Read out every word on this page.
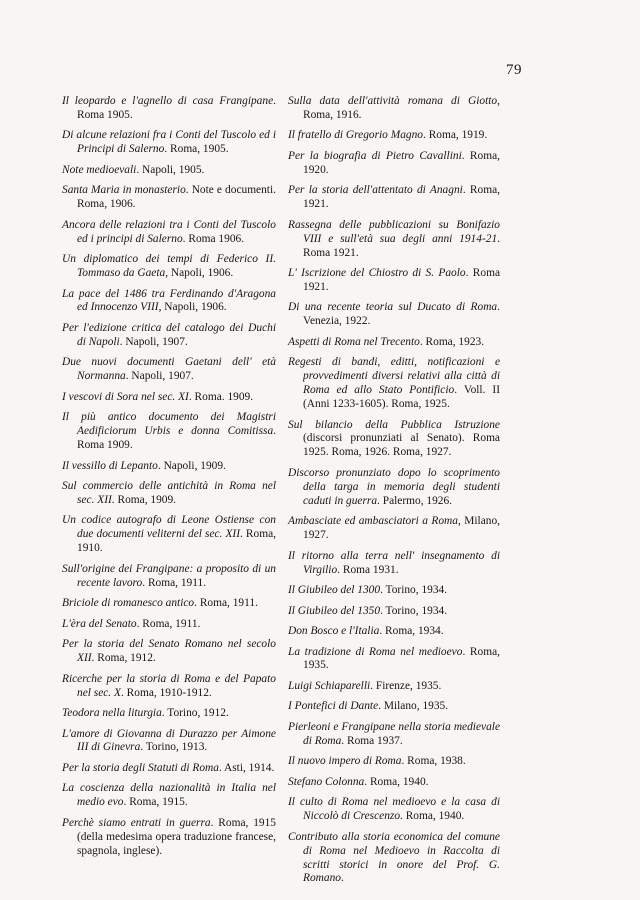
79

Il leopardo e l'agnello di casa Frangipane. Roma 1905.

Di alcune relazioni fra i Conti del Tuscolo ed i Principi di Salerno. Roma, 1905.

Note medioevali. Napoli, 1905.

Santa Maria in monasterio. Note e documenti. Roma, 1906.

Ancora delle relazioni tra i Conti del Tuscolo ed i principi di Salerno. Roma 1906.

Un diplomatico dei tempi di Federico II. Tommaso da Gaeta, Napoli, 1906.

La pace del 1486 tra Ferdinando d'Aragona ed Innocenzo VIII, Napoli, 1906.

Per l'edizione critica del catalogo dei Duchi di Napoli. Napoli, 1907.

Due nuovi documenti Gaetani dell' età Normanna. Napoli, 1907.

I vescovi di Sora nel sec. XI. Roma. 1909.

Il più antico documento dei Magistri Aedificiorum Urbis e donna Comitissa. Roma 1909.

Il vessillo di Lepanto. Napoli, 1909.

Sul commercio delle antichità in Roma nel sec. XII. Roma, 1909.

Un codice autografo di Leone Ostiense con due documenti veliterni del sec. XII. Roma, 1910.

Sull'origine dei Frangipane: a proposito di un recente lavoro. Roma, 1911.

Briciole di romanesco antico. Roma, 1911.

L'èra del Senato. Roma, 1911.

Per la storia del Senato Romano nel secolo XII. Roma, 1912.

Ricerche per la storia di Roma e del Papato nel sec. X. Roma, 1910-1912.

Teodora nella liturgia. Torino, 1912.

L'amore di Giovanna di Durazzo per Aimone III di Ginevra. Torino, 1913.

Per la storia degli Statuti di Roma. Asti, 1914.

La coscienza della nazionalità in Italia nel medio evo. Roma, 1915.

Perchè siamo entrati in guerra. Roma, 1915 (della medesima opera traduzione francese, spagnola, inglese).

Sulla data dell'attività romana di Giotto, Roma, 1916.

Il fratello di Gregorio Magno. Roma, 1919.

Per la biografia di Pietro Cavallini. Roma, 1920.

Per la storia dell'attentato di Anagni. Roma, 1921.

Rassegna delle pubblicazioni su Bonifazio VIII e sull'età sua degli anni 1914-21. Roma 1921.

L' Iscrizione del Chiostro di S. Paolo. Roma 1921.

Di una recente teoria sul Ducato di Roma. Venezia, 1922.

Aspetti di Roma nel Trecento. Roma, 1923.

Regesti di bandi, editti, notificazioni e provvedimenti diversi relativi alla città di Roma ed allo Stato Pontificio. Voll. II (Anni 1233-1605). Roma, 1925.

Sul bilancio della Pubblica Istruzione (discorsi pronunziati al Senato). Roma 1925. Roma, 1926. Roma, 1927.

Discorso pronunziato dopo lo scoprimento della targa in memoria degli studenti caduti in guerra. Palermo, 1926.

Ambasciate ed ambasciatori a Roma, Milano, 1927.

Il ritorno alla terra nell' insegnamento di Virgilio. Roma 1931.

Il Giubileo del 1300. Torino, 1934.

Il Giubileo del 1350. Torino, 1934.

Don Bosco e l'Italia. Roma, 1934.

La tradizione di Roma nel medioevo. Roma, 1935.

Luigi Schiaparelli. Firenze, 1935.

I Pontefici di Dante. Milano, 1935.

Pierleoni e Frangipane nella storia medievale di Roma. Roma 1937.

Il nuovo impero di Roma. Roma, 1938.

Stefano Colonna. Roma, 1940.

Il culto di Roma nel medioevo e la casa di Niccolò di Crescenzo. Roma, 1940.

Contributo alla storia economica del comune di Roma nel Medioevo in Raccolta di scritti storici in onore del Prof. G. Romano.
